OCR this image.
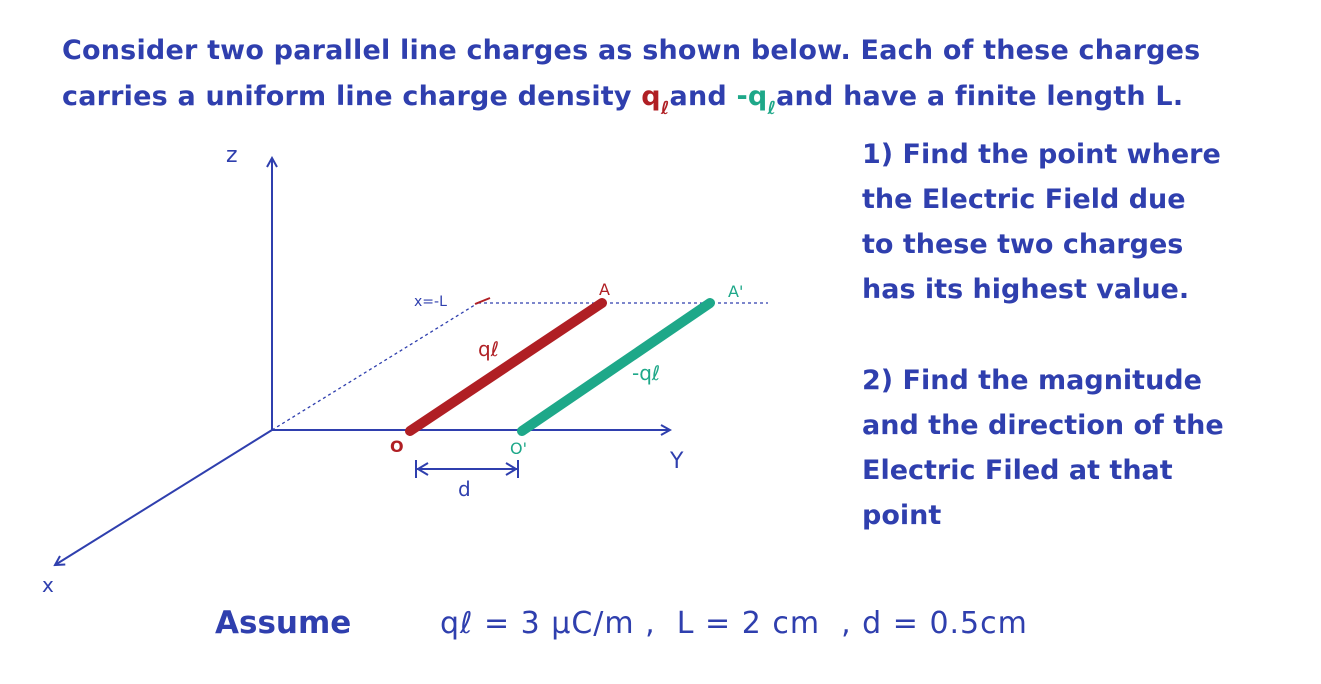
Consider two parallel line charges as shown below. Each of these charges
carries a uniform line charge density $q_\ell and$ $-q_\ell and$ have a finite length L.
z
Y
x
x=-L
A	A'
O	O'
qℓ
-qℓ
d
1) Find the point where
the Electric Field due
to these two charges
has its highest value.
2) Find the magnitude
and the direction of the
Electric Filed at that
point
Assume	qℓ = 3 μC/m ,  L = 2 cm  , d = 0.5cm
